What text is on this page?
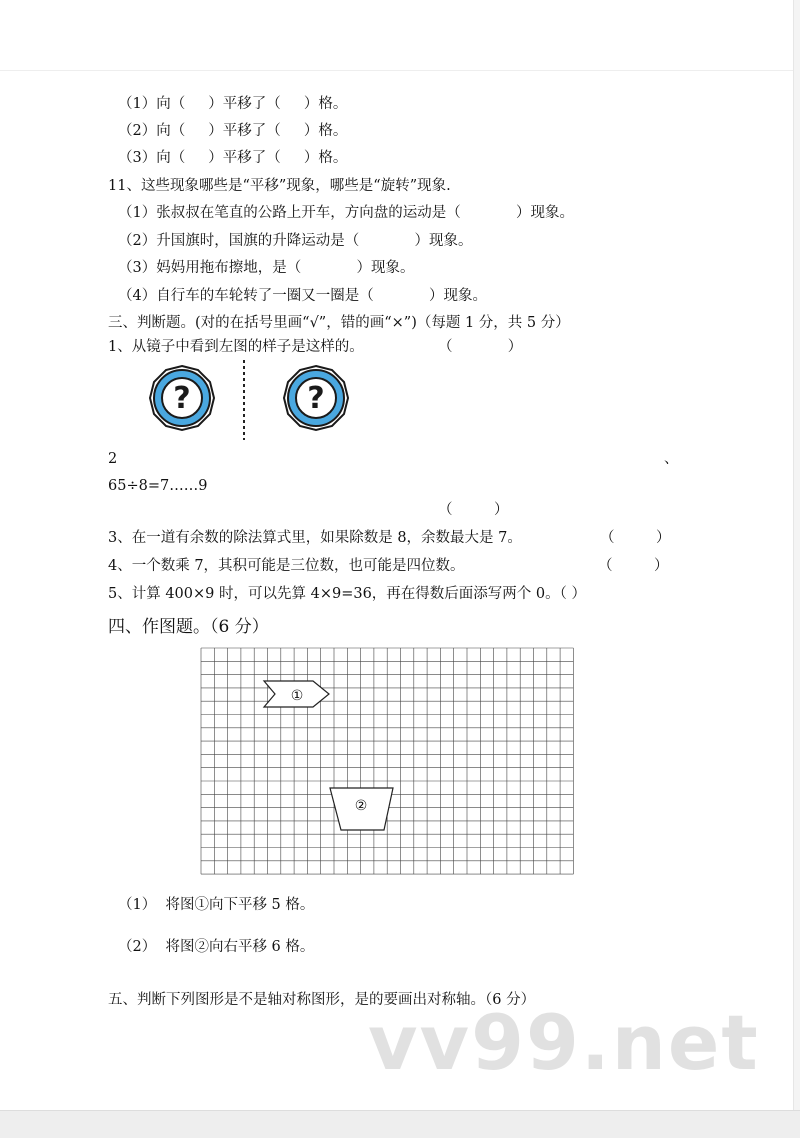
（1）向（     ）平移了（     ）格。
（2）向（     ）平移了（     ）格。
（3）向（     ）平移了（     ）格。
11、这些现象哪些是“平移”现象，哪些是“旋转”现象.
（1）张叔叔在笔直的公路上开车，方向盘的运动是（            ）现象。
（2）升国旗时，国旗的升降运动是（            ）现象。
（3）妈妈用拖布擦地，是（            ）现象。
（4）自行车的车轮转了一圈又一圈是（            ）现象。
三、判断题。(对的在括号里画“√”，错的画“×”)（每题 1 分，共 5 分）
1、从镜子中看到左图的样子是这样的。	（            ）
?	?
2	、
65÷8=7……9
（         ）
3、在一道有余数的除法算式里，如果除数是 8，余数最大是 7。	（         ）
4、一个数乘 7，其积可能是三位数，也可能是四位数。	（         ）
5、计算 400×9 时，可以先算 4×9=36，再在得数后面添写两个 0。（ ）
四、作图题。（6 分）
①
②
（1）  将图①向下平移 5 格。
（2）  将图②向右平移 6 格。
五、判断下列图形是不是轴对称图形，是的要画出对称轴。（6 分）
vv99.net
